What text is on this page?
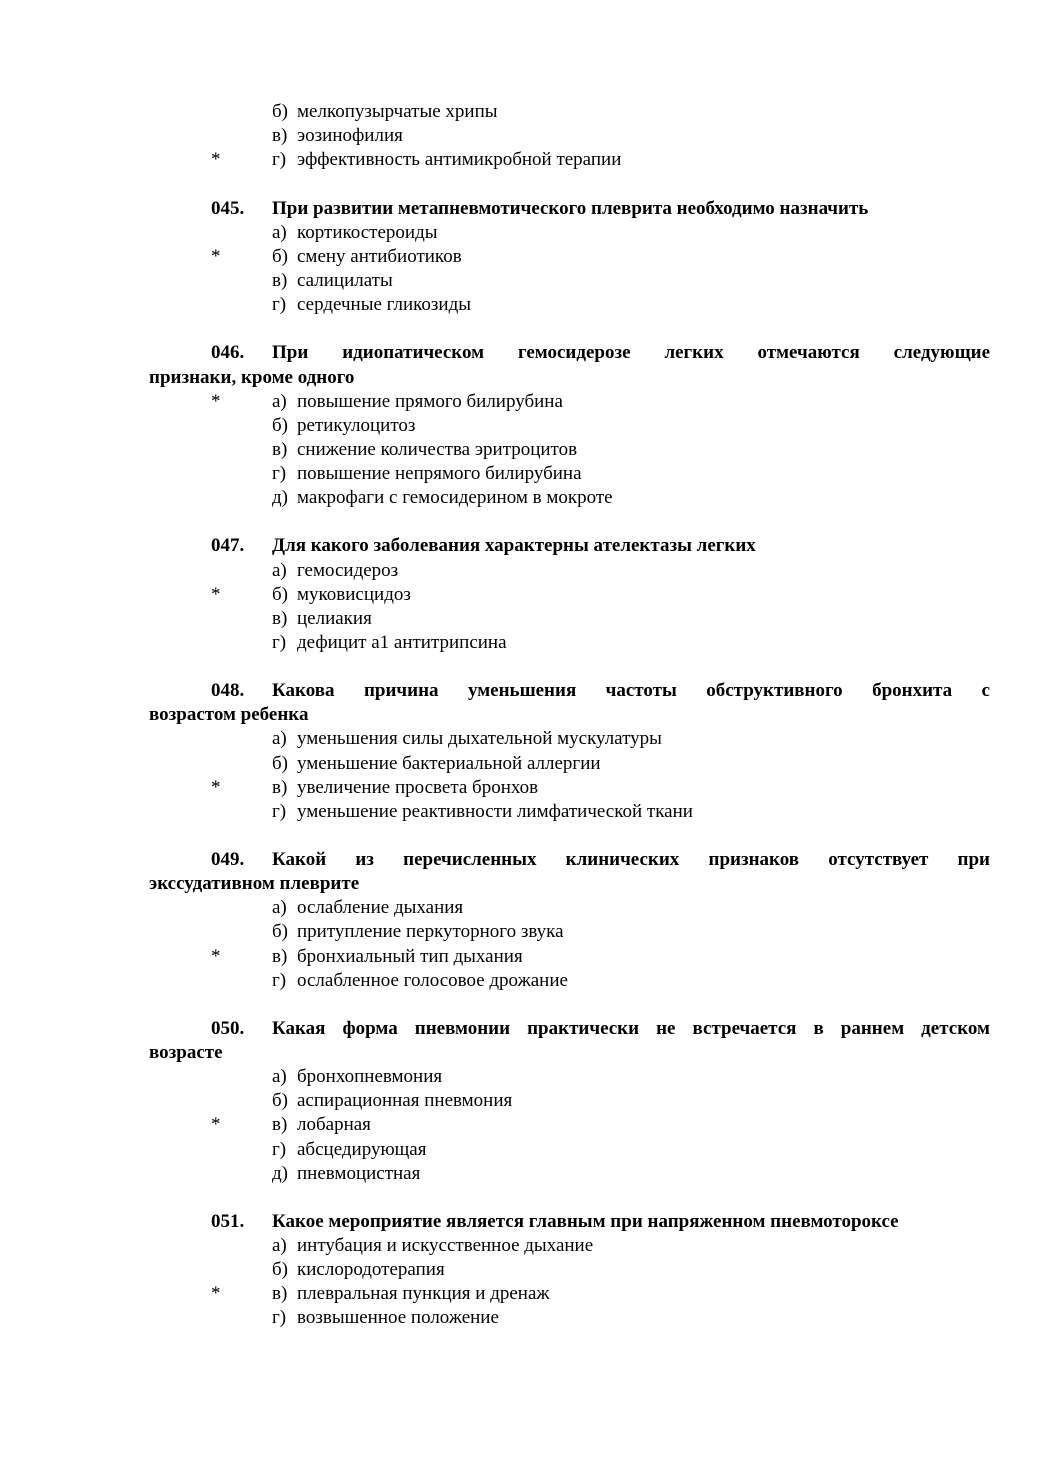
б) мелкопузырчатые хрипы
в) эозинофилия
*	г) эффективность антимикробной терапии
045. При развитии метапневмотического плеврита необходимо назначить
а) кортикостероиды
*	б) смену антибиотиков
в) салицилаты
г) сердечные гликозиды
046. При идиопатическом гемосидерозе легких отмечаются следующие
признаки, кроме одного
*	а) повышение прямого билирубина
б) ретикулоцитоз
в) снижение количества эритроцитов
г) повышение непрямого билирубина
д) макрофаги с гемосидерином в мокроте
047. Для какого заболевания характерны ателектазы легких
а) гемосидероз
*	б) муковисцидоз
в) целиакия
г) дефицит а1 антитрипсина
048. Какова причина уменьшения частоты обструктивного бронхита с
возрастом ребенка
а) уменьшения силы дыхательной мускулатуры
б) уменьшение бактериальной аллергии
*	в) увеличение просвета бронхов
г) уменьшение реактивности лимфатической ткани
049. Какой из перечисленных клинических признаков отсутствует при
экссудативном плеврите
а) ослабление дыхания
б) притупление перкуторного звука
*	в) бронхиальный тип дыхания
г) ослабленное голосовое дрожание
050. Какая форма пневмонии практически не встречается в раннем детском
возрасте
а) бронхопневмония
б) аспирационная пневмония
*	в) лобарная
г) абсцедирующая
д) пневмоцистная
051. Какое мероприятие является главным при напряженном пневмотороксе
а) интубация и искусственное дыхание
б) кислородотерапия
*	в) плевральная пункция и дренаж
г) возвышенное положение
